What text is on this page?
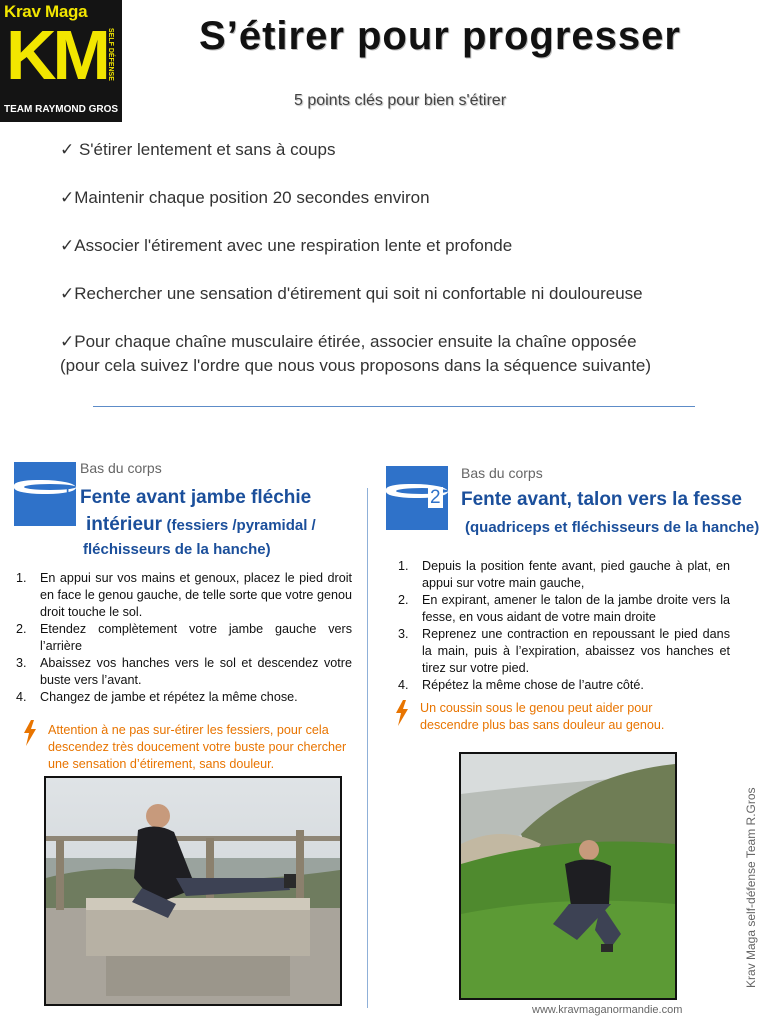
Krav Maga
KM SELF DÉFENSE
TEAM RAYMOND GROS
S’étirer pour progresser
5 points clés pour bien s'étirer
✓ S'étirer lentement et sans à coups
✓Maintenir chaque position 20 secondes environ
✓Associer l'étirement avec une respiration lente et profonde
✓Rechercher une sensation d'étirement qui soit ni confortable ni douloureuse
✓Pour chaque chaîne musculaire étirée, associer ensuite la chaîne opposée
(pour cela suivez l'ordre que nous vous proposons dans la séquence suivante)
1
Bas du corps
Fente avant jambe fléchie
intérieur (fessiers /pyramidal /
fléchisseurs de la hanche)
1. En appui sur vos mains et genoux, placez le pied droit en face le genou gauche, de telle sorte que votre genou droit touche le sol.
2. Etendez complètement votre jambe gauche vers l’arrière
3. Abaissez vos hanches vers le sol et descendez votre buste vers l’avant.
4. Changez de jambe et répétez la même chose.
Attention à ne pas sur-étirer les fessiers, pour cela descendez très doucement votre buste pour chercher une sensation d’étirement, sans douleur.
2
Bas du corps
Fente avant, talon vers la fesse
(quadriceps et fléchisseurs de la hanche)
1. Depuis la position fente avant, pied gauche à plat, en appui sur votre main gauche,
2. En expirant, amener le talon de la jambe droite vers la fesse, en vous aidant de votre main droite
3. Reprenez une contraction en repoussant le pied dans la main, puis à l’expiration, abaissez vos hanches et tirez sur votre pied.
4. Répétez la même chose de l’autre côté.
Un coussin sous le genou peut aider pour descendre plus bas sans douleur au genou.
Krav Maga self-défense Team R.Gros
www.kravmaganormandie.com
